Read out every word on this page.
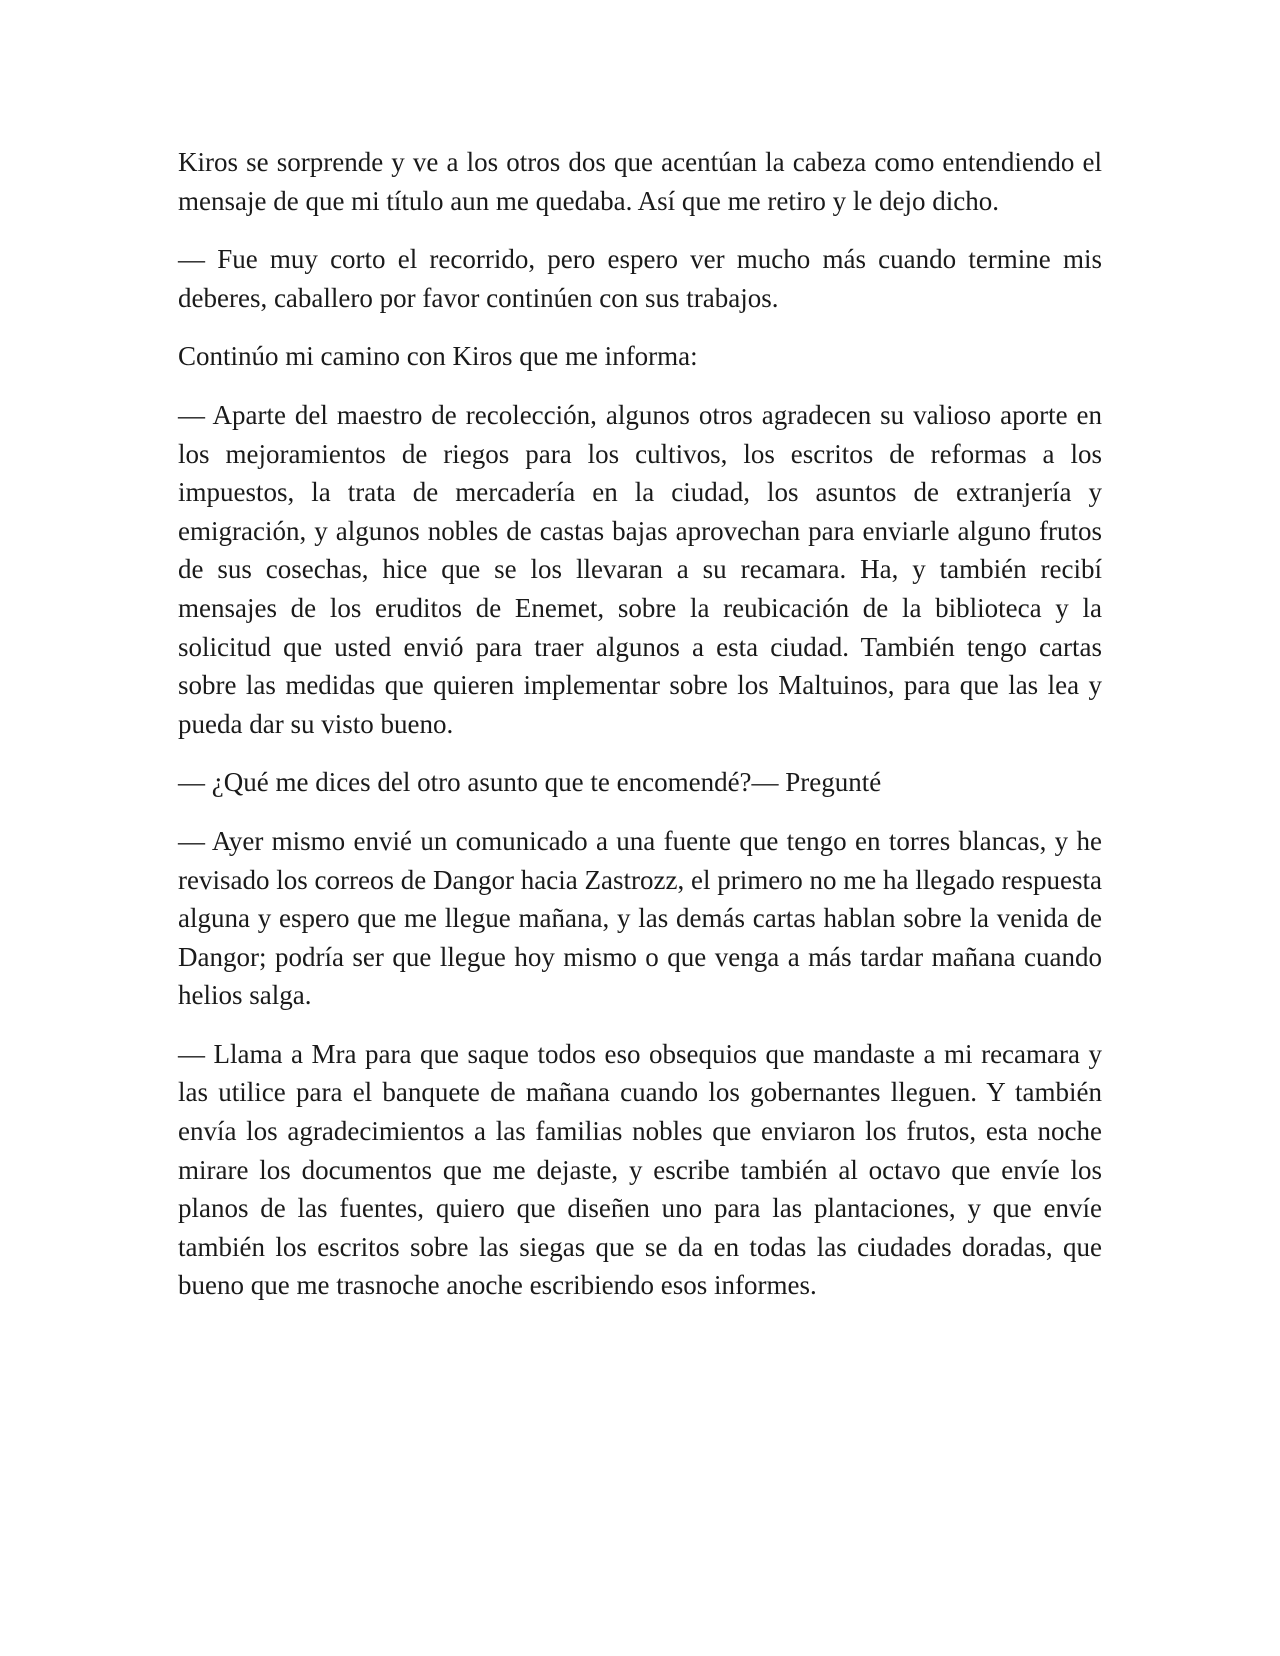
Kiros se sorprende y ve a los otros dos que acentúan la cabeza como entendiendo el mensaje de que mi título aun me quedaba. Así que me retiro y le dejo dicho.

— Fue muy corto el recorrido, pero espero ver mucho más cuando termine mis deberes, caballero por favor continúen con sus trabajos.

Continúo mi camino con Kiros que me informa:

— Aparte del maestro de recolección, algunos otros agradecen su valioso aporte en los mejoramientos de riegos para los cultivos, los escritos de reformas a los impuestos, la trata de mercadería en la ciudad, los asuntos de extranjería y emigración, y algunos nobles de castas bajas aprovechan para enviarle alguno frutos de sus cosechas, hice que se los llevaran a su recamara. Ha, y también recibí mensajes de los eruditos de Enemet, sobre la reubicación de la biblioteca y la solicitud que usted envió para traer algunos a esta ciudad. También tengo cartas sobre las medidas que quieren implementar sobre los Maltuinos, para que las lea y pueda dar su visto bueno.

— ¿Qué me dices del otro asunto que te encomendé?— Pregunté

— Ayer mismo envié un comunicado a una fuente que tengo en torres blancas, y he revisado los correos de Dangor hacia Zastrozz, el primero no me ha llegado respuesta alguna y espero que me llegue mañana, y las demás cartas hablan sobre la venida de Dangor; podría ser que llegue hoy mismo o que venga a más tardar mañana cuando helios salga.

— Llama a Mra para que saque todos eso obsequios que mandaste a mi recamara y las utilice para el banquete de mañana cuando los gobernantes lleguen. Y también envía los agradecimientos a las familias nobles que enviaron los frutos, esta noche mirare los documentos que me dejaste, y escribe también al octavo que envíe los planos de las fuentes, quiero que diseñen uno para las plantaciones, y que envíe también los escritos sobre las siegas que se da en todas las ciudades doradas, que bueno que me trasnoche anoche escribiendo esos informes.
